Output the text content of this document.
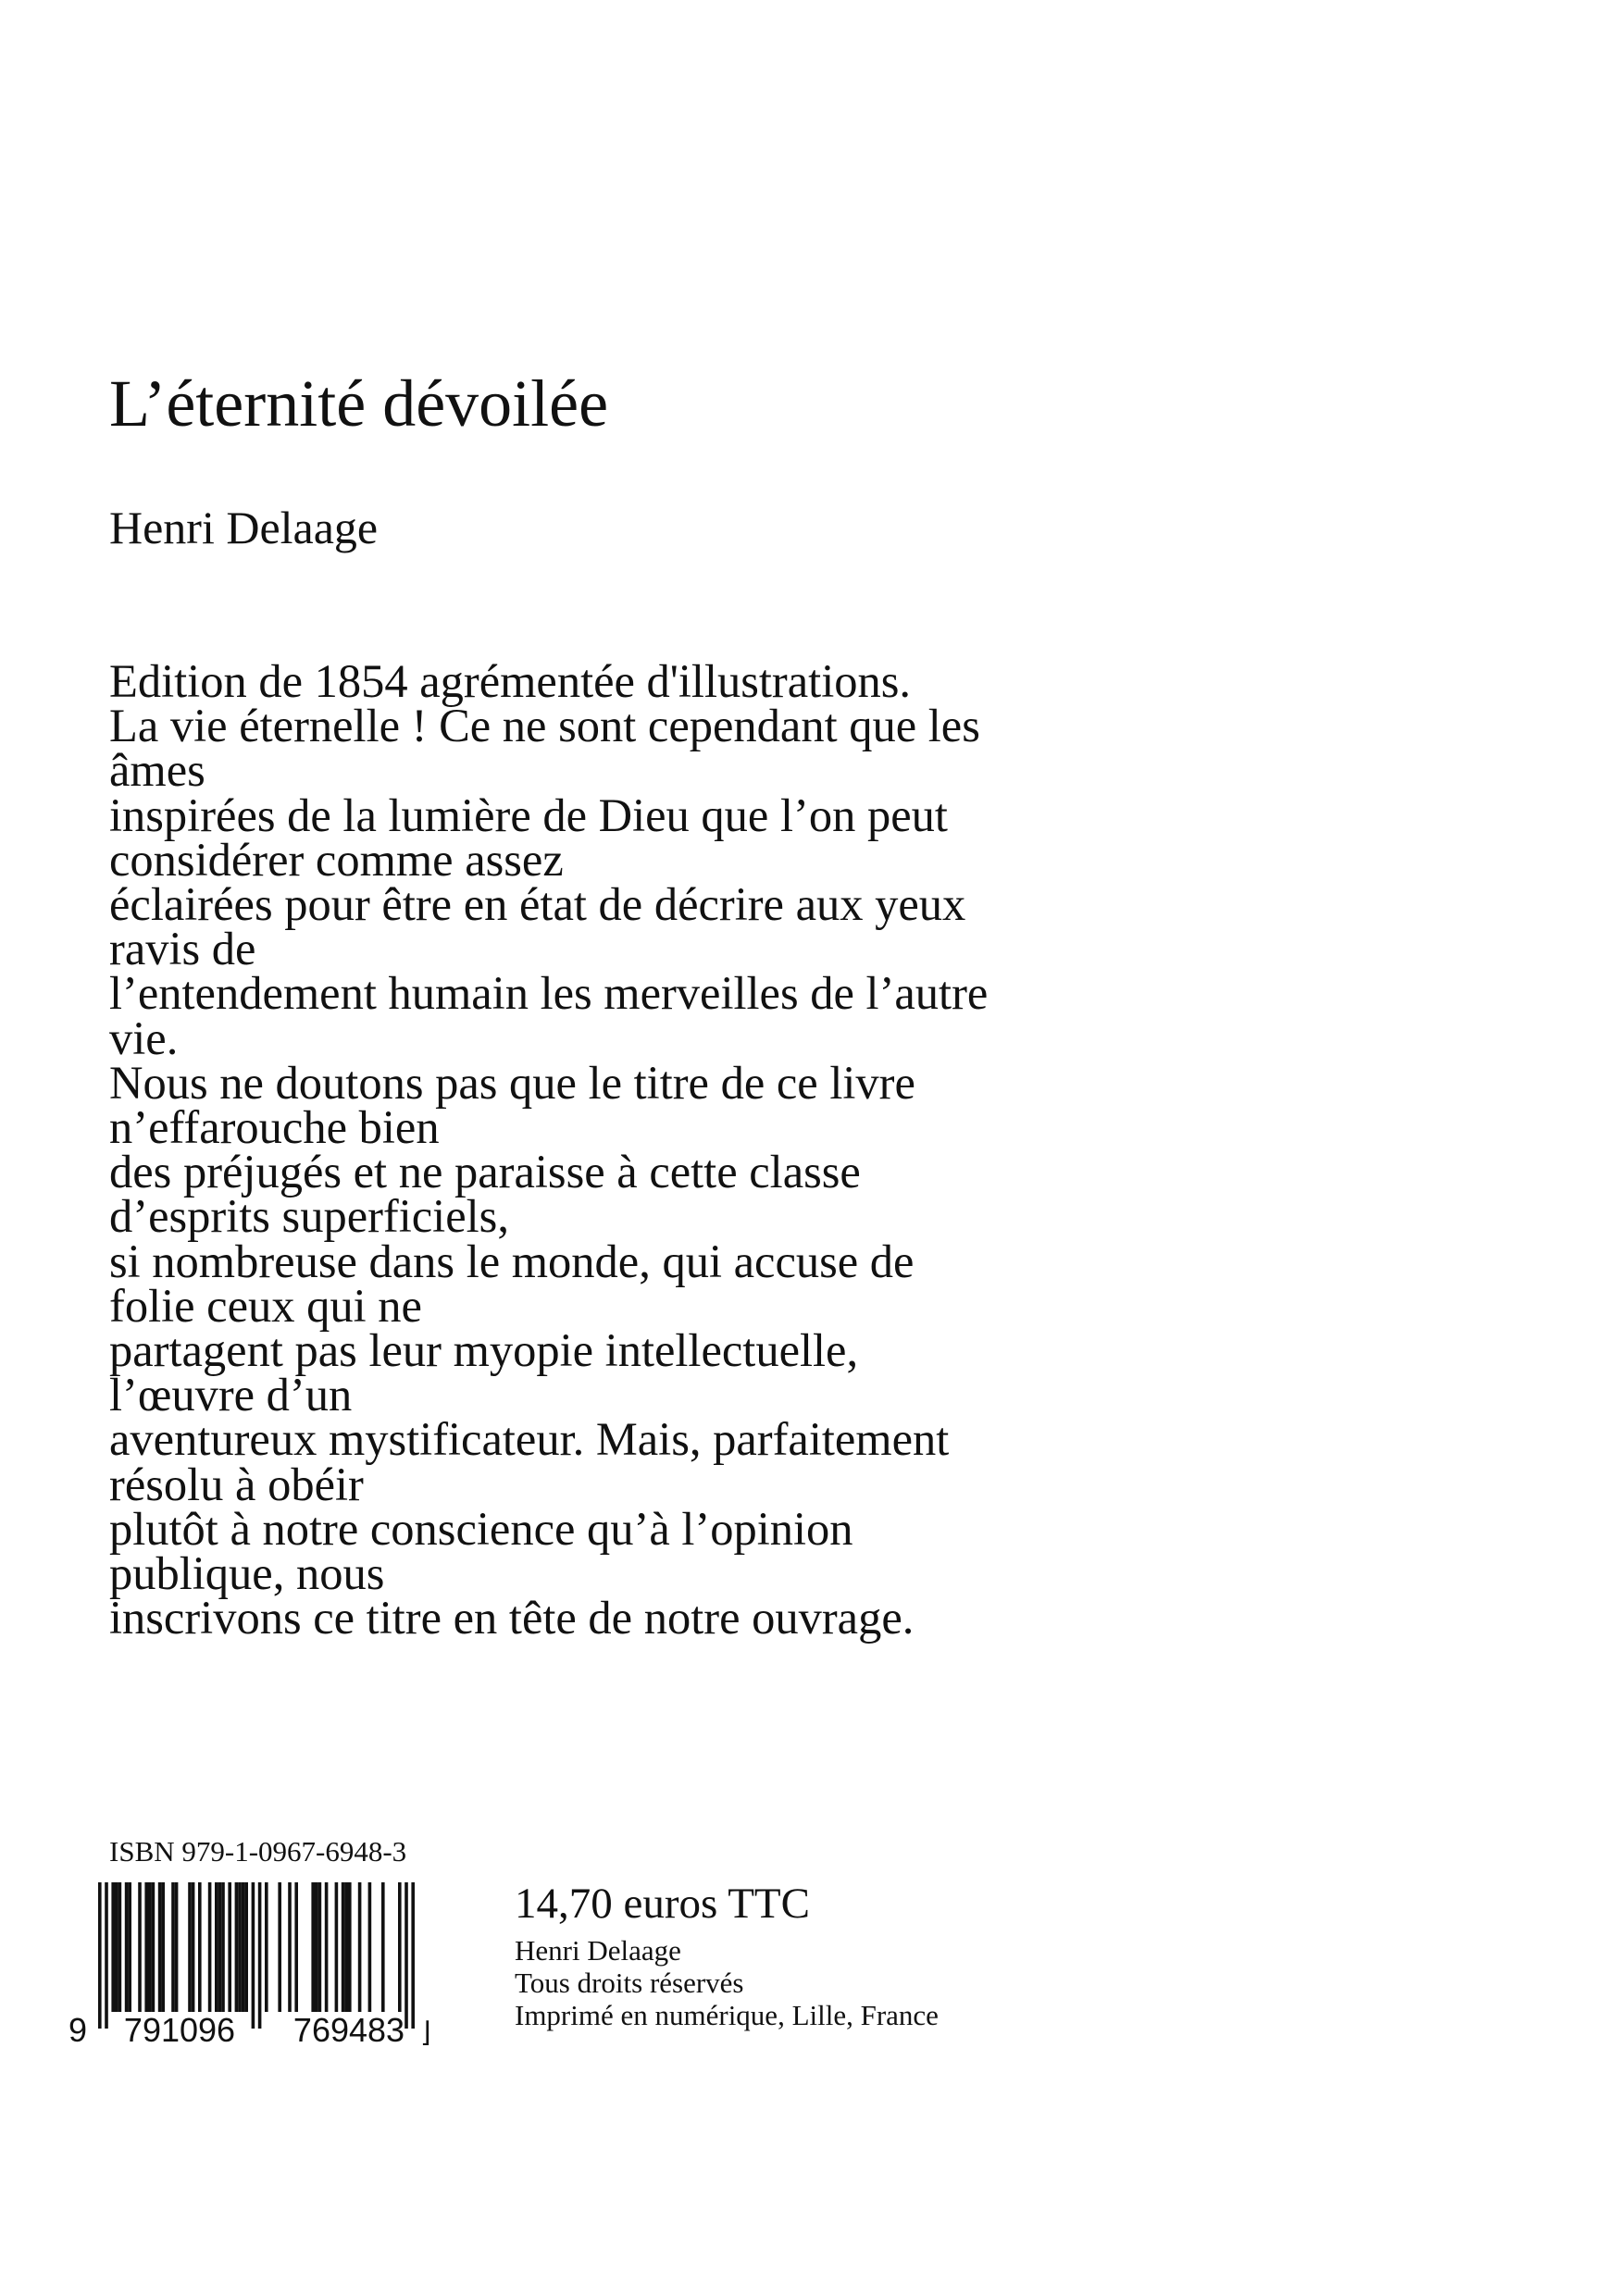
L’éternité dévoilée
Henri Delaage
Edition de 1854 agrémentée d'illustrations.
La vie éternelle ! Ce ne sont cependant que les
âmes
inspirées de la lumière de Dieu que l’on peut
considérer comme assez
éclairées pour être en état de décrire aux yeux
ravis de
l’entendement humain les merveilles de l’autre
vie.
Nous ne doutons pas que le titre de ce livre
n’effarouche bien
des préjugés et ne paraisse à cette classe
d’esprits superficiels,
si nombreuse dans le monde, qui accuse de
folie ceux qui ne
partagent pas leur myopie intellectuelle,
l’œuvre d’un
aventureux mystificateur. Mais, parfaitement
résolu à obéir
plutôt à notre conscience qu’à l’opinion
publique, nous
inscrivons ce titre en tête de notre ouvrage.
ISBN 979-1-0967-6948-3
⌋
9 791096 769483
14,70 euros TTC
Henri Delaage
Tous droits réservés
Imprimé en numérique, Lille, France
